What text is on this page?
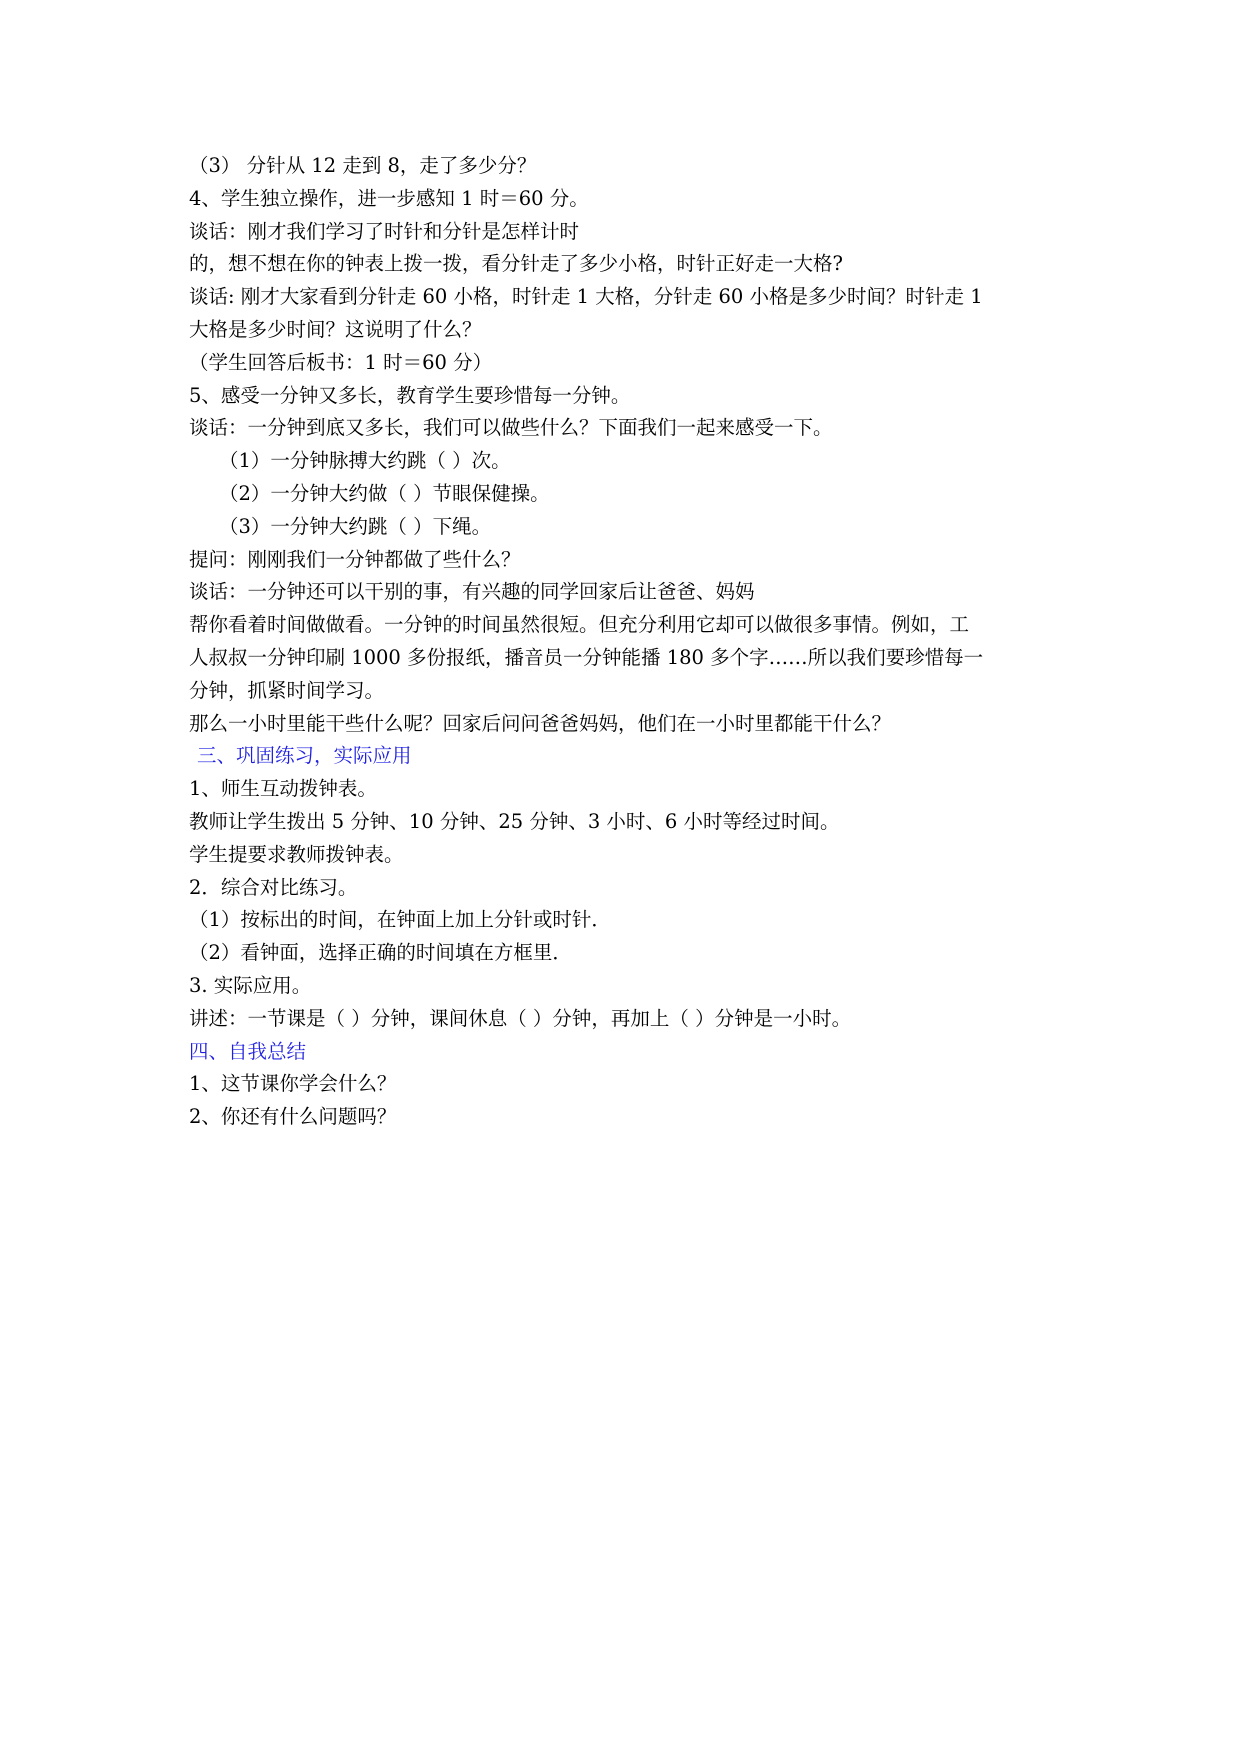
（3） 分针从 12 走到 8，走了多少分？
4、学生独立操作，进一步感知 1 时＝60 分。
谈话：刚才我们学习了时针和分针是怎样计时
的，想不想在你的钟表上拨一拨，看分针走了多少小格，时针正好走一大格?
谈话: 刚才大家看到分针走 60 小格，时针走 1 大格，分针走 60 小格是多少时间？时针走 1
大格是多少时间？这说明了什么？
（学生回答后板书：1 时＝60 分）
5、感受一分钟又多长，教育学生要珍惜每一分钟。
谈话：一分钟到底又多长，我们可以做些什么？下面我们一起来感受一下。
（1）一分钟脉搏大约跳（ ）次。
（2）一分钟大约做（ ）节眼保健操。
（3）一分钟大约跳（ ）下绳。
提问：刚刚我们一分钟都做了些什么？
谈话：一分钟还可以干别的事，有兴趣的同学回家后让爸爸、妈妈
帮你看着时间做做看。一分钟的时间虽然很短。但充分利用它却可以做很多事情。例如，工
人叔叔一分钟印刷 1000 多份报纸，播音员一分钟能播 180 多个字……所以我们要珍惜每一
分钟，抓紧时间学习。
那么一小时里能干些什么呢？回家后问问爸爸妈妈，他们在一小时里都能干什么？
三、巩固练习，实际应用
1、师生互动拨钟表。
教师让学生拨出 5 分钟、10 分钟、25 分钟、3 小时、6 小时等经过时间。
学生提要求教师拨钟表。
2．综合对比练习。
（1）按标出的时间，在钟面上加上分针或时针．
（2）看钟面，选择正确的时间填在方框里．
3. 实际应用。
讲述：一节课是（ ）分钟，课间休息（ ）分钟，再加上（ ）分钟是一小时。
四、自我总结
1、这节课你学会什么？
2、你还有什么问题吗？
